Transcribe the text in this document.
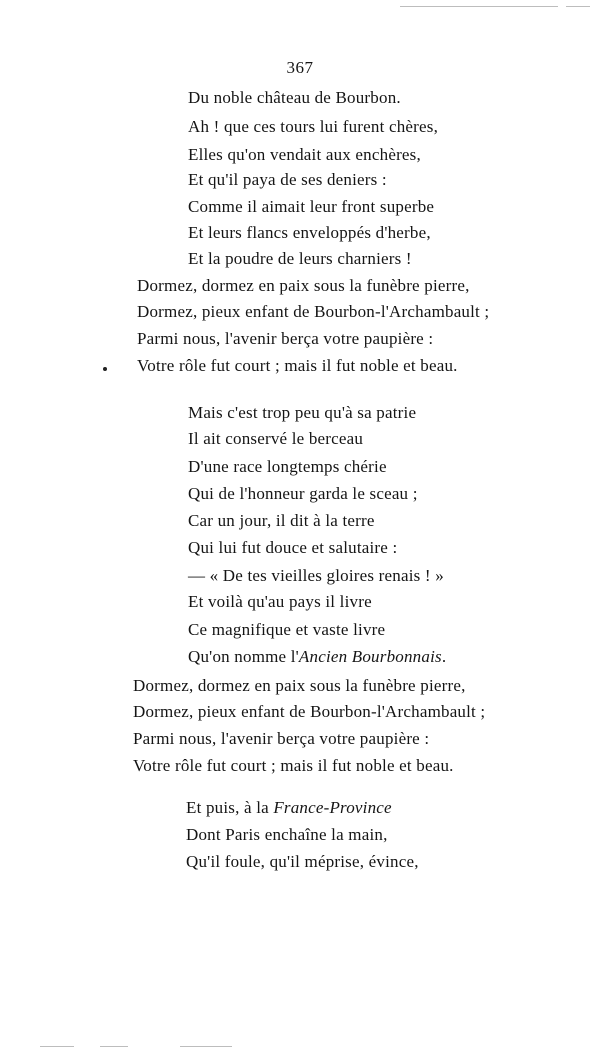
367
Du noble château de Bourbon.
Ah ! que ces tours lui furent chères,
Elles qu'on vendait aux enchères,
Et qu'il paya de ses deniers :
Comme il aimait leur front superbe
Et leurs flancs enveloppés d'herbe,
Et la poudre de leurs charniers !
Dormez, dormez en paix sous la funèbre pierre,
Dormez, pieux enfant de Bourbon-l'Archambault ;
Parmi nous, l'avenir berça votre paupière :
Votre rôle fut court ; mais il fut noble et beau.
Mais c'est trop peu qu'à sa patrie
Il ait conservé le berceau
D'une race longtemps chérie
Qui de l'honneur garda le sceau ;
Car un jour, il dit à la terre
Qui lui fut douce et salutaire :
— « De tes vieilles gloires renais ! »
Et voilà qu'au pays il livre
Ce magnifique et vaste livre
Qu'on nomme l'Ancien Bourbonnais.
Dormez, dormez en paix sous la funèbre pierre,
Dormez, pieux enfant de Bourbon-l'Archambault ;
Parmi nous, l'avenir berça votre paupière :
Votre rôle fut court ; mais il fut noble et beau.
Et puis, à la France-Province
Dont Paris enchaîne la main,
Qu'il foule, qu'il méprise, évince,
